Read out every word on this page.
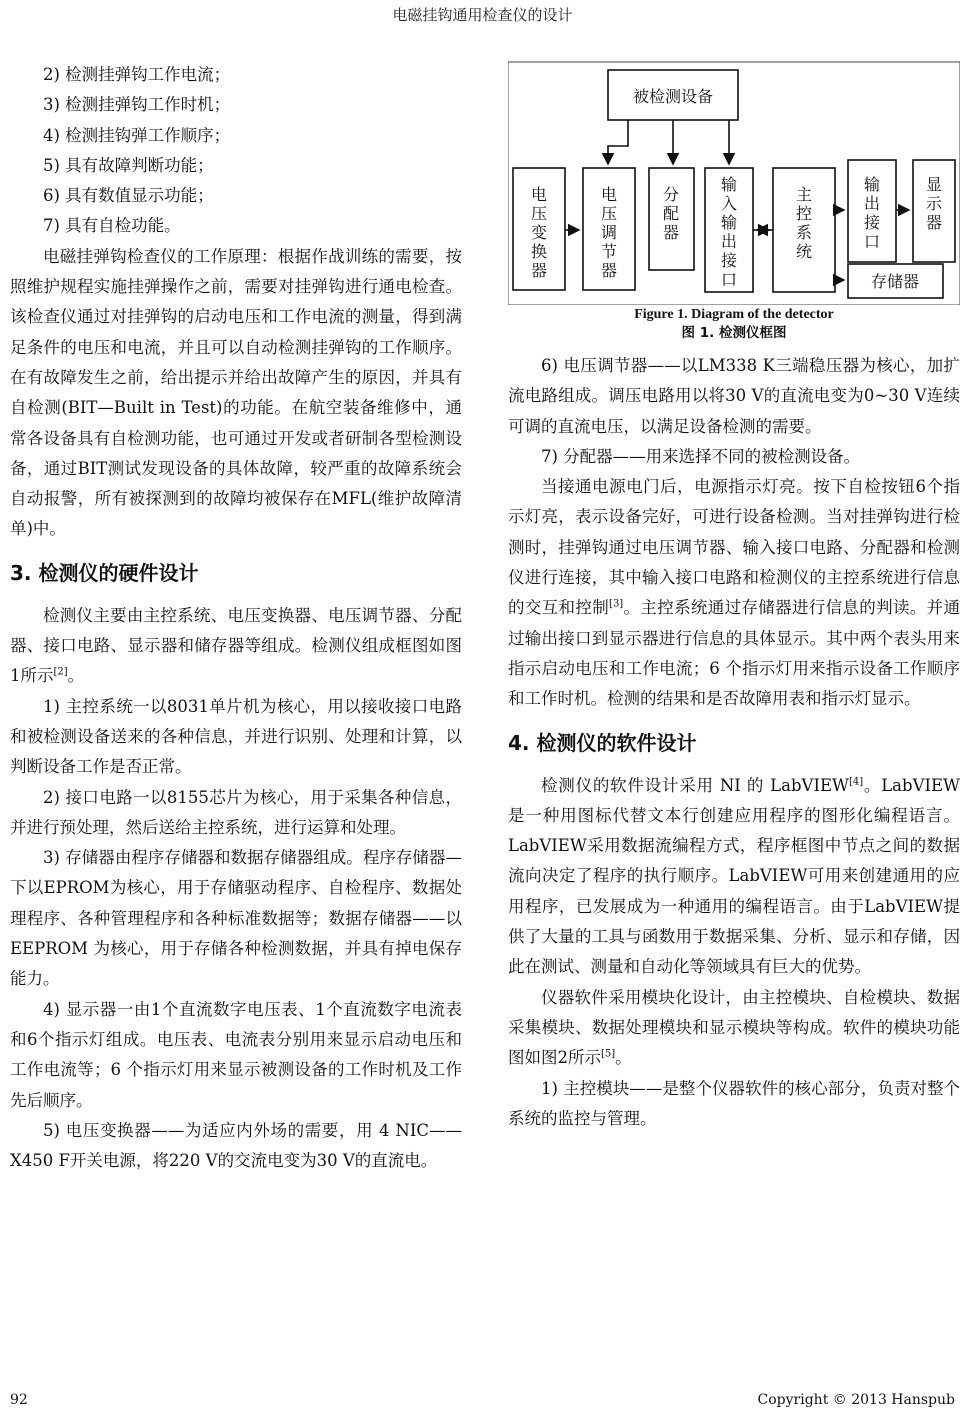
电磁挂钩通用检查仪的设计

2) 检测挂弹钩工作电流；

3) 检测挂弹钩工作时机；

4) 检测挂钩弹工作顺序；

5) 具有故障判断功能；

6) 具有数值显示功能；

7) 具有自检功能。

电磁挂弹钩检查仪的工作原理：根据作战训练的需要，按照维护规程实施挂弹操作之前，需要对挂弹钩进行通电检查。该检查仪通过对挂弹钩的启动电压和工作电流的测量，得到满足条件的电压和电流，并且可以自动检测挂弹钩的工作顺序。在有故障发生之前，给出提示并给出故障产生的原因，并具有自检测(BIT—Built in Test)的功能。在航空装备维修中，通常各设备具有自检测功能，也可通过开发或者研制各型检测设备，通过BIT测试发现设备的具体故障，较严重的故障系统会自动报警，所有被探测到的故障均被保存在MFL(维护故障清单)中。

3. 检测仪的硬件设计

检测仪主要由主控系统、电压变换器、电压调节器、分配器、接口电路、显示器和储存器等组成。检测仪组成框图如图1所示[2]。

1) 主控系统一以8031单片机为核心，用以接收接口电路和被检测设备送来的各种信息，并进行识别、处理和计算，以判断设备工作是否正常。

2) 接口电路一以8155芯片为核心，用于采集各种信息，并进行预处理，然后送给主控系统，进行运算和处理。

3) 存储器由程序存储器和数据存储器组成。程序存储器—下以EPROM为核心，用于存储驱动程序、自检程序、数据处理程序、各种管理程序和各种标准数据等；数据存储器——以 EEPROM 为核心，用于存储各种检测数据，并具有掉电保存能力。

4) 显示器一由1个直流数字电压表、1个直流数字电流表和6个指示灯组成。电压表、电流表分别用来显示启动电压和工作电流等；6 个指示灯用来显示被测设备的工作时机及工作先后顺序。

5) 电压变换器——为适应内外场的需要，用 4 NIC——X450 F开关电源，将220 V的交流电变为30 V的直流电。

被检测设备
电
压
变
换
器
电
压
调
节
器
分
配
器
输
入
输
出
接
口
主
控
系
统
输
出
接
口
显
示
器
存储器
Figure 1. Diagram of the detector
图 1. 检测仪框图

6) 电压调节器——以LM338 K三端稳压器为核心，加扩流电路组成。调压电路用以将30 V的直流电变为0~30 V连续可调的直流电压，以满足设备检测的需要。

7) 分配器——用来选择不同的被检测设备。

当接通电源电门后，电源指示灯亮。按下自检按钮6个指示灯亮，表示设备完好，可进行设备检测。当对挂弹钩进行检测时，挂弹钩通过电压调节器、输入接口电路、分配器和检测仪进行连接，其中输入接口电路和检测仪的主控系统进行信息的交互和控制[3]。主控系统通过存储器进行信息的判读。并通过输出接口到显示器进行信息的具体显示。其中两个表头用来指示启动电压和工作电流；6 个指示灯用来指示设备工作顺序和工作时机。检测的结果和是否故障用表和指示灯显示。

4. 检测仪的软件设计

检测仪的软件设计采用 NI 的 LabVIEW[4]。LabVIEW是一种用图标代替文本行创建应用程序的图形化编程语言。LabVIEW采用数据流编程方式，程序框图中节点之间的数据流向决定了程序的执行顺序。LabVIEW可用来创建通用的应用程序，已发展成为一种通用的编程语言。由于LabVIEW提供了大量的工具与函数用于数据采集、分析、显示和存储，因此在测试、测量和自动化等领域具有巨大的优势。

仪器软件采用模块化设计，由主控模块、自检模块、数据采集模块、数据处理模块和显示模块等构成。软件的模块功能图如图2所示[5]。

1) 主控模块——是整个仪器软件的核心部分，负责对整个系统的监控与管理。

92	Copyright © 2013 Hanspub
